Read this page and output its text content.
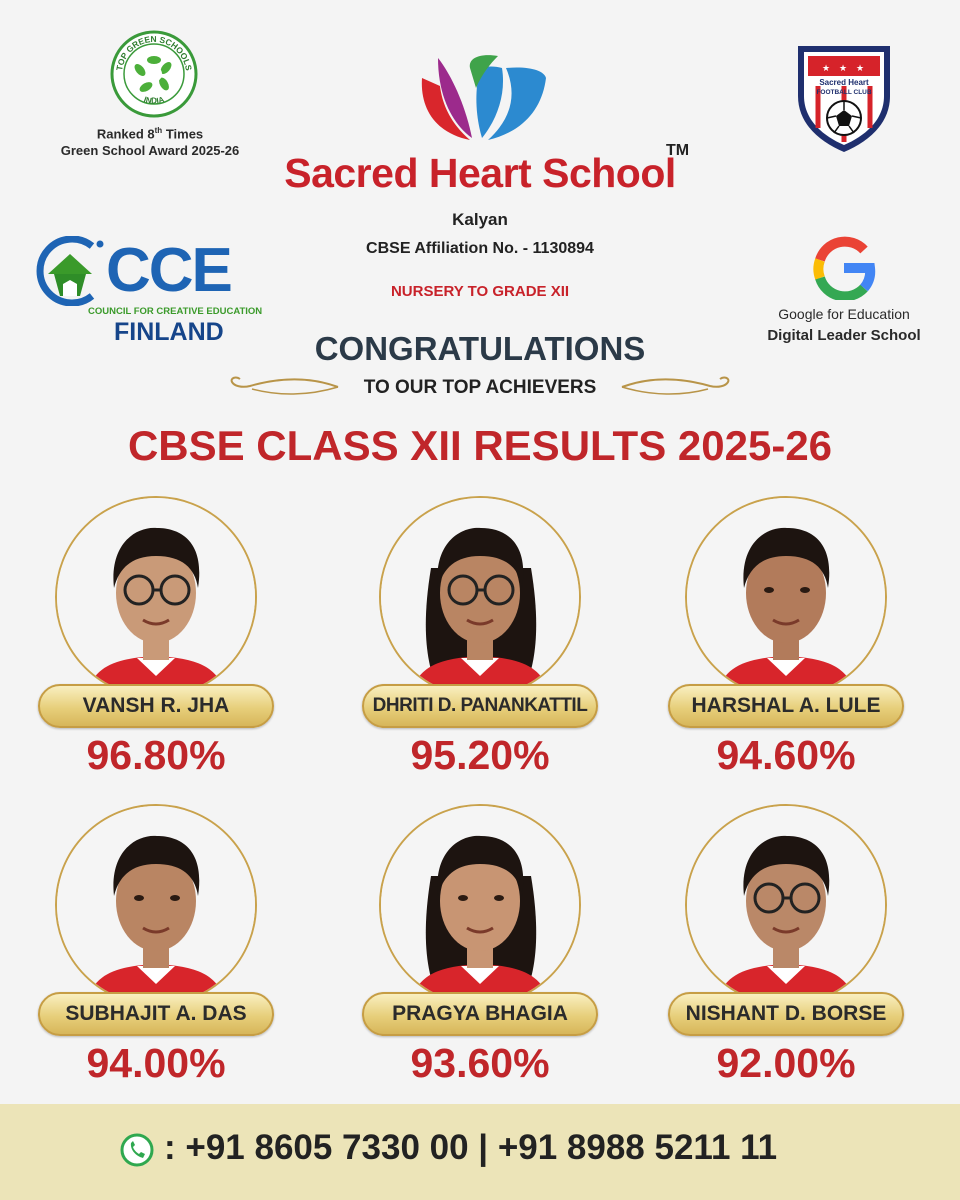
TOP GREEN SCHOOLS
INDIA
Ranked 8th Times
Green School Award 2025-26	Sacred Heart School
TM
Kalyan
CBSE Affiliation No. - 1130894
NURSERY TO GRADE XII
★ ★ ★
Sacred Heart
FOOTBALL CLUB
CCE
COUNCIL FOR CREATIVE EDUCATION
FINLAND
Google for Education
Digital Leader School
CONGRATULATIONS
TO OUR TOP ACHIEVERS
CBSE CLASS XII RESULTS 2025-26
VANSH R. JHA
96.80%
DHRITI D. PANANKATTIL
95.20%
HARSHAL A. LULE
94.60%
SUBHAJIT A. DAS
94.00%
PRAGYA BHAGIA
93.60%
NISHANT D. BORSE
92.00%
: +91 8605 7330 00 | +91 8988 5211 11
